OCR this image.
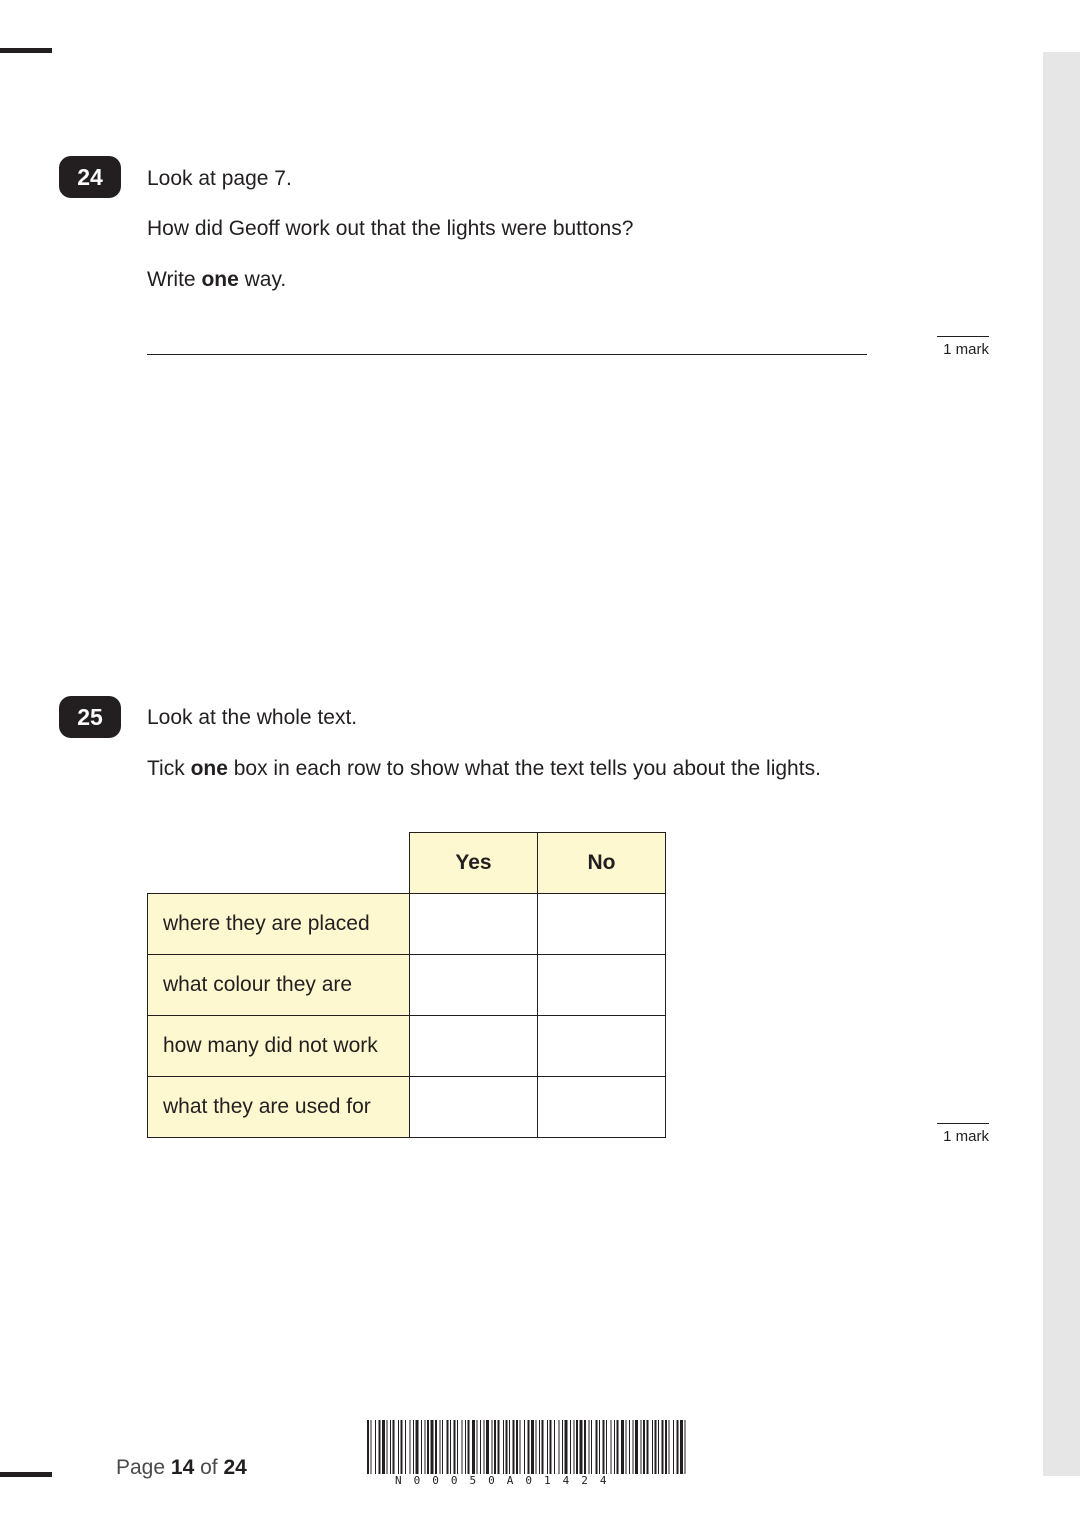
24	Look at page 7.
How did Geoff work out that the lights were buttons?
Write one way.
1 mark
25	Look at the whole text.
Tick one box in each row to show what the text tells you about the lights.
	Yes	No
where they are placed		
what colour they are		
how many did not work		
what they are used for		
1 mark
Page 14 of 24
N00050A01424
